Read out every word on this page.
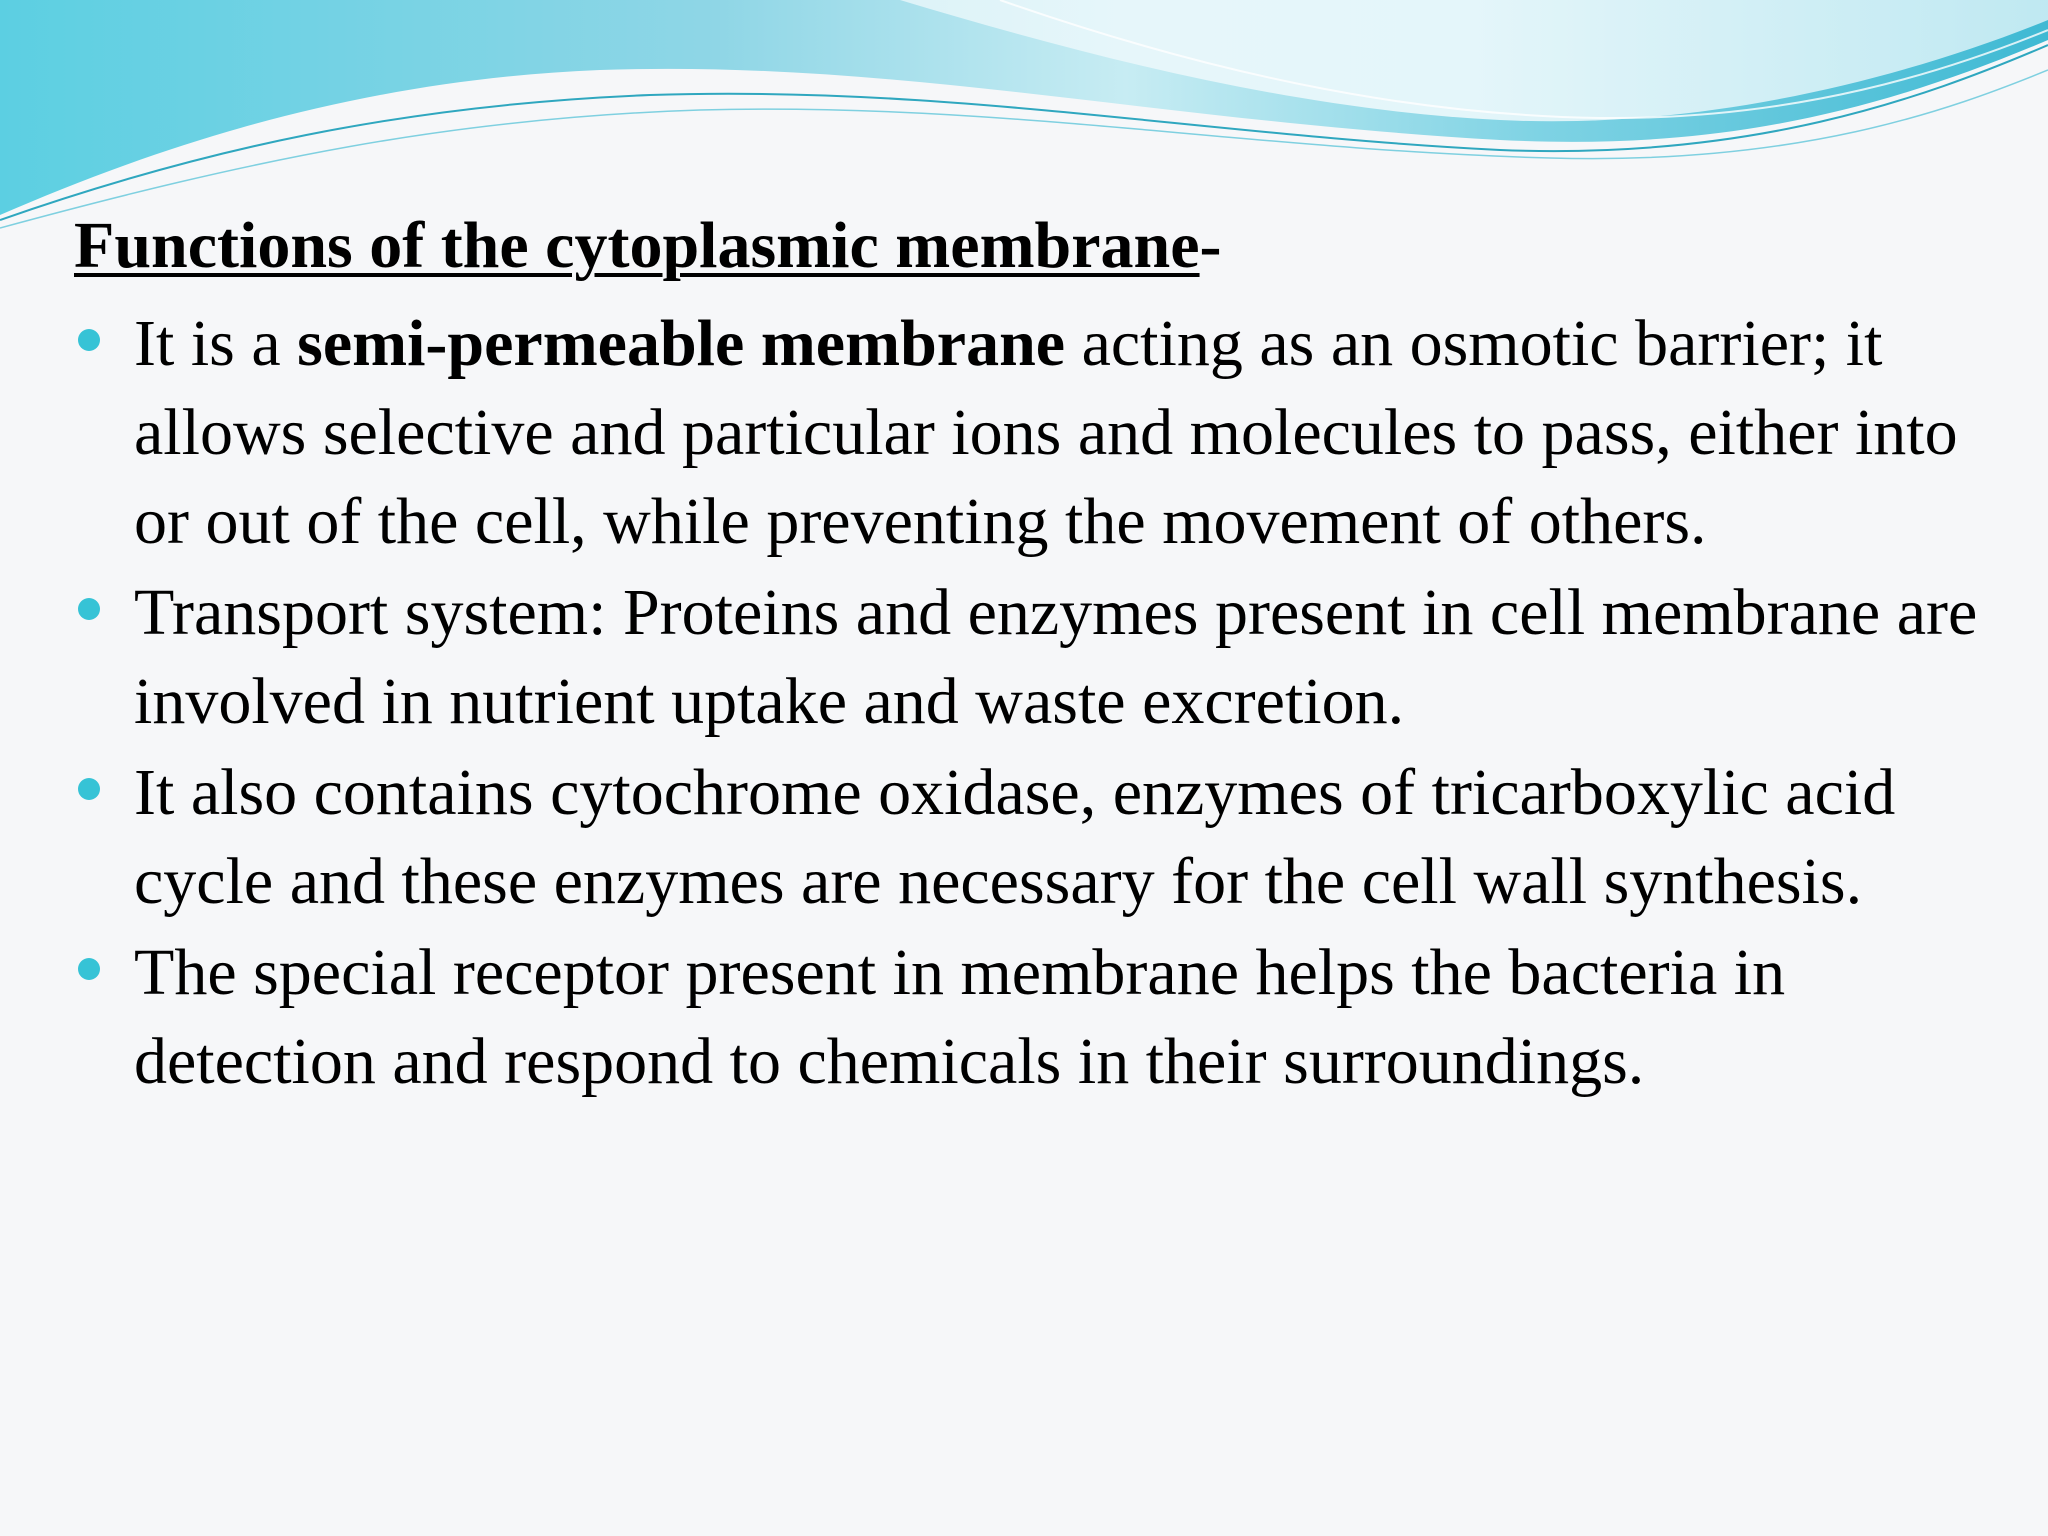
Functions of the cytoplasmic membrane-
It is a semi-permeable membrane acting as an osmotic barrier; it allows selective and particular ions and molecules to pass, either into or out of the cell, while preventing the movement of others.
Transport system: Proteins and enzymes present in cell membrane are involved in nutrient uptake and waste excretion.
It also contains cytochrome oxidase, enzymes of tricarboxylic acid cycle and these enzymes are necessary for the cell wall synthesis.
The special receptor present in membrane helps the bacteria in detection and respond to chemicals in their surroundings.
